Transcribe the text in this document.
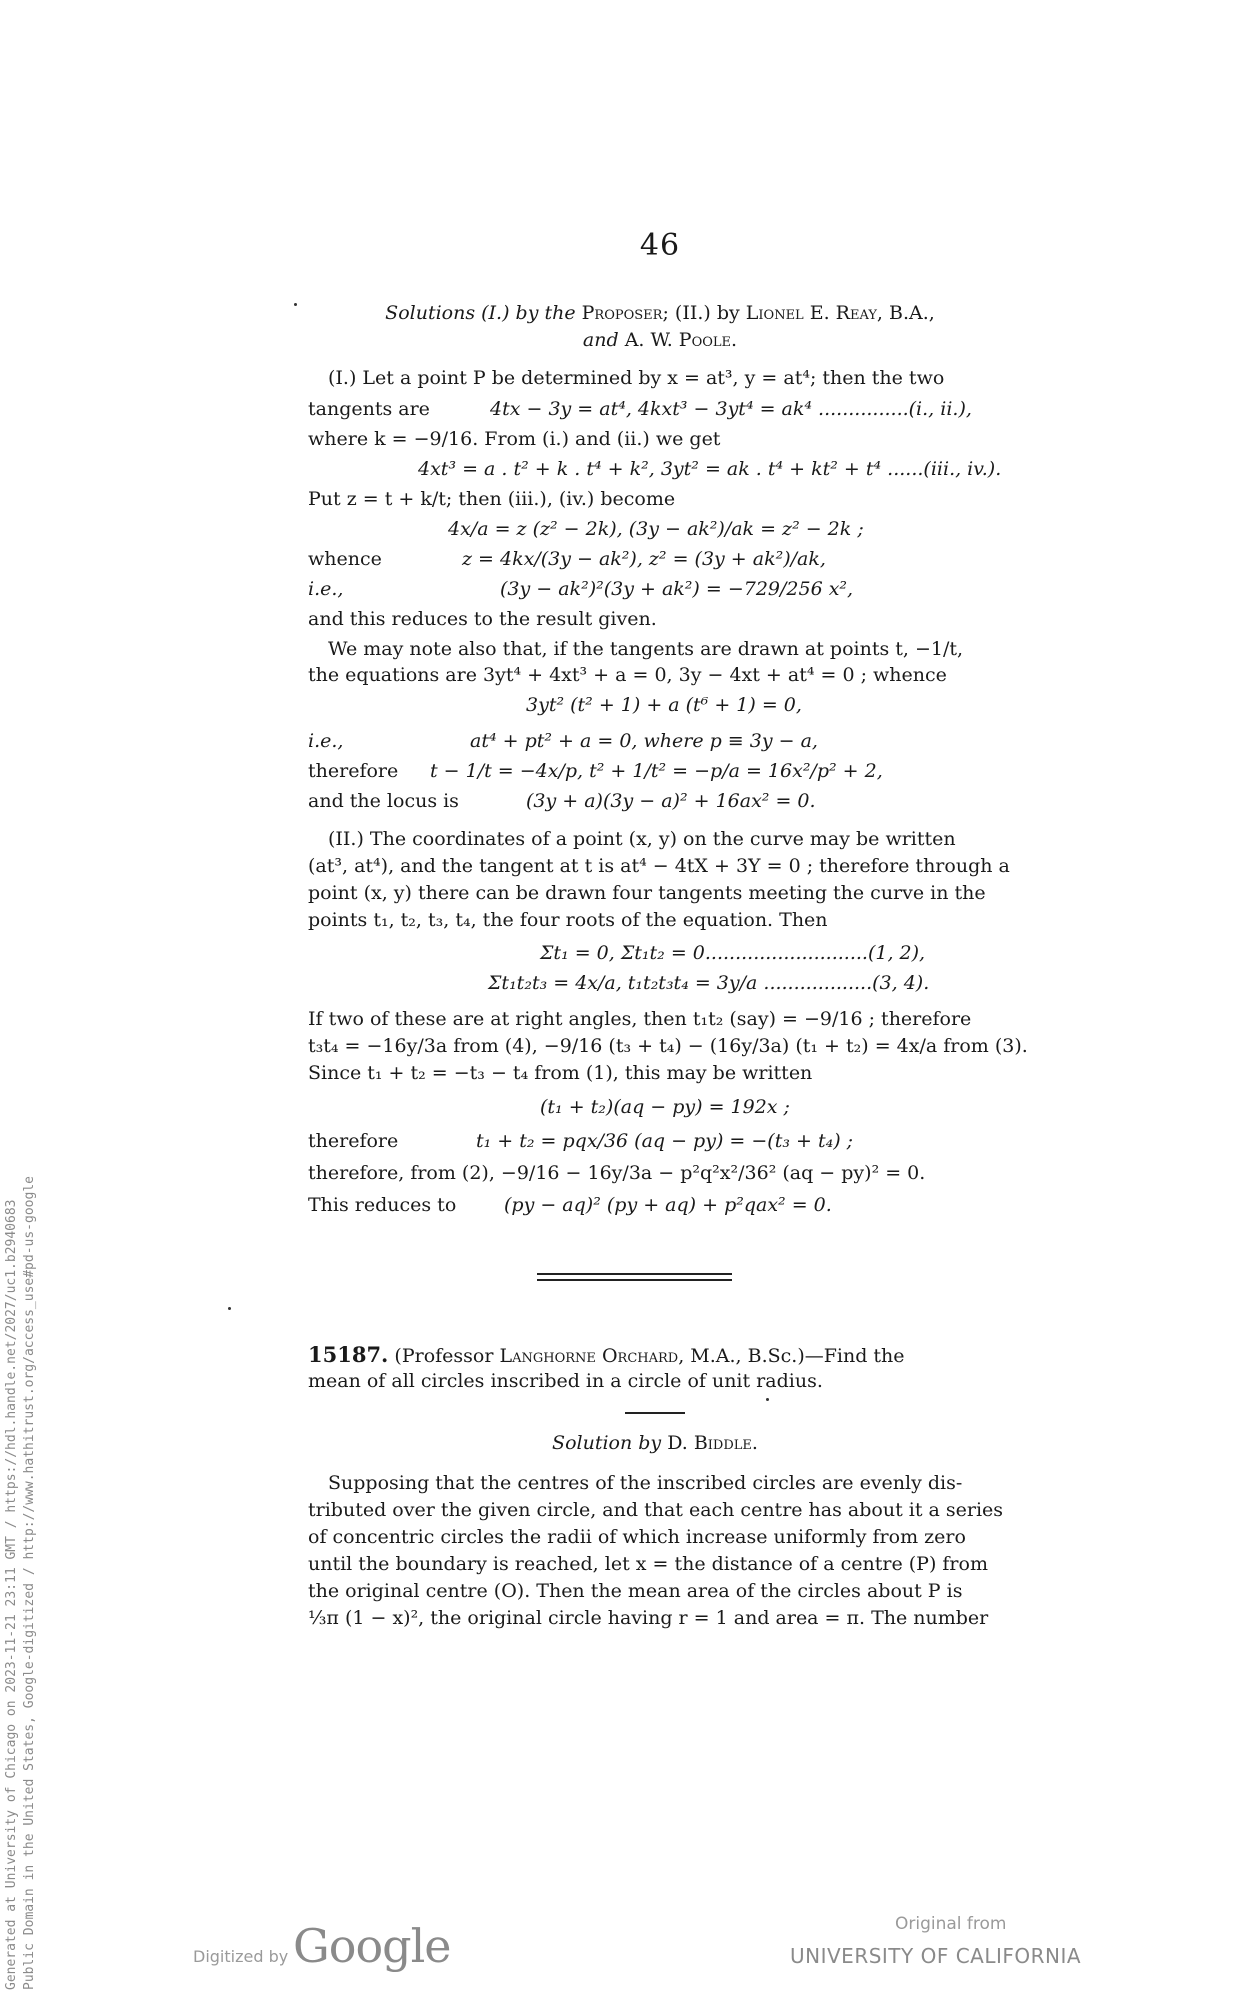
46
Solutions (I.) by the Proposer; (II.) by Lionel E. Reay, B.A.,
and A. W. Poole.
(I.) Let a point P be determined by x = at³, y = at⁴; then the two
tangents are	4tx − 3y = at⁴, 4kxt³ − 3yt⁴ = ak⁴ ...............(i., ii.),
where k = −9/16. From (i.) and (ii.) we get
4xt³ = a . t² + k . t⁴ + k², 3yt² = ak . t⁴ + kt² + t⁴ ......(iii., iv.).
Put z = t + k/t; then (iii.), (iv.) become
4x/a = z (z² − 2k), (3y − ak²)/ak = z² − 2k ;
whence	z = 4kx/(3y − ak²), z² = (3y + ak²)/ak,
i.e.,	(3y − ak²)²(3y + ak²) = −729/256 x²,
and this reduces to the result given.
We may note also that, if the tangents are drawn at points t, −1/t,
the equations are 3yt⁴ + 4xt³ + a = 0, 3y − 4xt + at⁴ = 0 ; whence
3yt² (t² + 1) + a (t⁶ + 1) = 0,
i.e.,	at⁴ + pt² + a = 0, where p ≡ 3y − a,
therefore t − 1/t = −4x/p, t² + 1/t² = −p/a = 16x²/p² + 2,
and the locus is	(3y + a)(3y − a)² + 16ax² = 0.
(II.) The coordinates of a point (x, y) on the curve may be written
(at³, at⁴), and the tangent at t is at⁴ − 4tX + 3Y = 0 ; therefore through a
point (x, y) there can be drawn four tangents meeting the curve in the
points t₁, t₂, t₃, t₄, the four roots of the equation. Then
Σt₁ = 0, Σt₁t₂ = 0...........................(1, 2),
Σt₁t₂t₃ = 4x/a, t₁t₂t₃t₄ = 3y/a ..................(3, 4).
If two of these are at right angles, then t₁t₂ (say) = −9/16 ; therefore
t₃t₄ = −16y/3a from (4), −9/16 (t₃ + t₄) − (16y/3a) (t₁ + t₂) = 4x/a from (3).
Since t₁ + t₂ = −t₃ − t₄ from (1), this may be written
(t₁ + t₂)(aq − py) = 192x ;
therefore	t₁ + t₂ = pqx/36 (aq − py) = −(t₃ + t₄) ;
therefore, from (2), −9/16 − 16y/3a − p²q²x²/36² (aq − py)² = 0.
This reduces to	(py − aq)² (py + aq) + p²qax² = 0.
15187. (Professor Langhorne Orchard, M.A., B.Sc.)—Find the
mean of all circles inscribed in a circle of unit radius.
Solution by D. Biddle.
Supposing that the centres of the inscribed circles are evenly dis-
tributed over the given circle, and that each centre has about it a series
of concentric circles the radii of which increase uniformly from zero
until the boundary is reached, let x = the distance of a centre (P) from
the original centre (O). Then the mean area of the circles about P is
⅓π (1 − x)², the original circle having r = 1 and area = π. The number
Generated at University of Chicago on 2023-11-21 23:11 GMT / https://hdl.handle.net/2027/uc1.b2940683 Public Domain in the United States, Google-digitized / http://www.hathitrust.org/access_use#pd-us-google	Digitized by Google	Original from
UNIVERSITY OF CALIFORNIA
